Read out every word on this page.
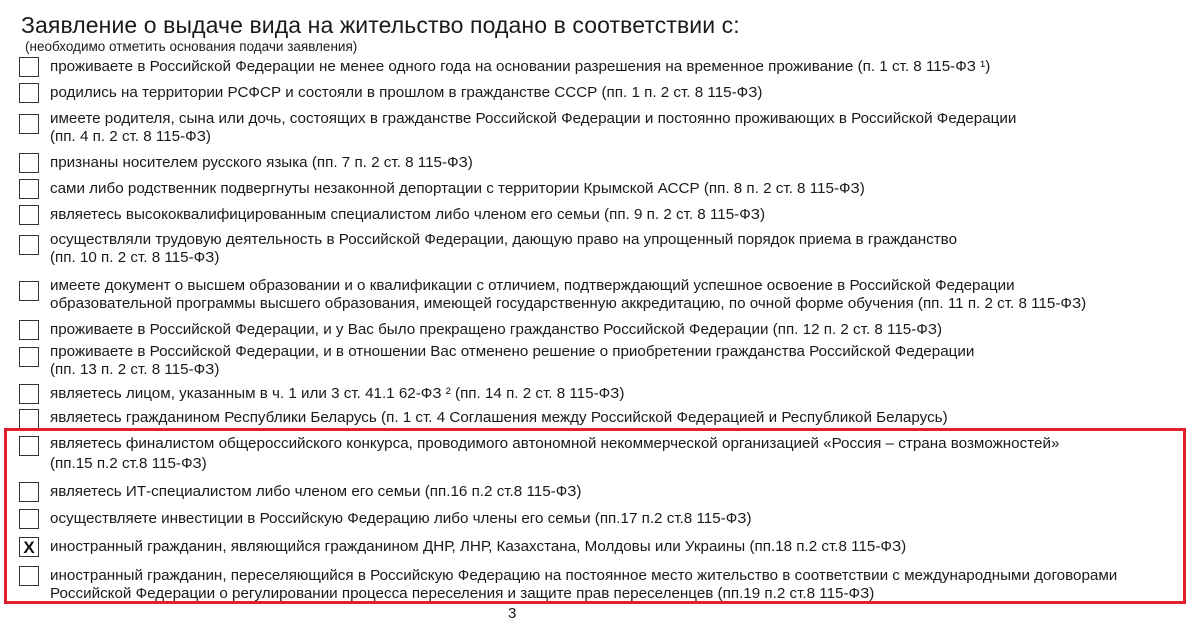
Заявление о выдаче вида на жительство подано в соответствии с:
(необходимо отметить основания подачи заявления)
проживаете в Российской Федерации не менее одного года на основании разрешения на временное проживание (п. 1 ст. 8 115-ФЗ ¹)
родились на территории РСФСР и состояли в прошлом в гражданстве СССР (пп. 1 п. 2 ст. 8 115-ФЗ)
имеете родителя, сына или дочь, состоящих в гражданстве Российской Федерации и постоянно проживающих в Российской Федерации
(пп. 4 п. 2 ст. 8 115-ФЗ)
признаны носителем русского языка (пп. 7 п. 2 ст. 8 115-ФЗ)
сами либо родственник подвергнуты незаконной депортации с территории Крымской АССР (пп. 8 п. 2 ст. 8 115-ФЗ)
являетесь высококвалифицированным специалистом либо членом его семьи (пп. 9 п. 2 ст. 8 115-ФЗ)
осуществляли трудовую деятельность в Российской Федерации, дающую право на упрощенный порядок приема в гражданство
(пп. 10 п. 2 ст. 8 115-ФЗ)
имеете документ о высшем образовании и о квалификации с отличием, подтверждающий успешное освоение в Российской Федерации
образовательной программы высшего образования, имеющей государственную аккредитацию, по очной форме обучения (пп. 11 п. 2 ст. 8 115-ФЗ)
проживаете в Российской Федерации, и у Вас было прекращено гражданство Российской Федерации (пп. 12 п. 2 ст. 8 115-ФЗ)
проживаете в Российской Федерации, и в отношении Вас отменено решение о приобретении гражданства Российской Федерации
(пп. 13 п. 2 ст. 8 115-ФЗ)
являетесь лицом, указанным в ч. 1 или 3 ст. 41.1 62-ФЗ ² (пп. 14 п. 2 ст. 8 115-ФЗ)
являетесь гражданином Республики Беларусь (п. 1 ст. 4 Соглашения между Российской Федерацией и Республикой Беларусь)
являетесь финалистом общероссийского конкурса, проводимого автономной некоммерческой организацией «Россия – страна возможностей»
(пп.15 п.2 ст.8 115-ФЗ)
являетесь ИТ-специалистом либо членом его семьи (пп.16 п.2 ст.8 115-ФЗ)
осуществляете инвестиции в Российскую Федерацию либо члены его семьи (пп.17 п.2 ст.8 115-ФЗ)
X иностранный гражданин, являющийся гражданином ДНР, ЛНР, Казахстана, Молдовы или Украины (пп.18 п.2 ст.8 115-ФЗ)
иностранный гражданин, переселяющийся в Российскую Федерацию на постоянное место жительство в соответствии с международными договорами
Российской Федерации о регулировании процесса переселения и защите прав переселенцев (пп.19 п.2 ст.8 115-ФЗ)
3
